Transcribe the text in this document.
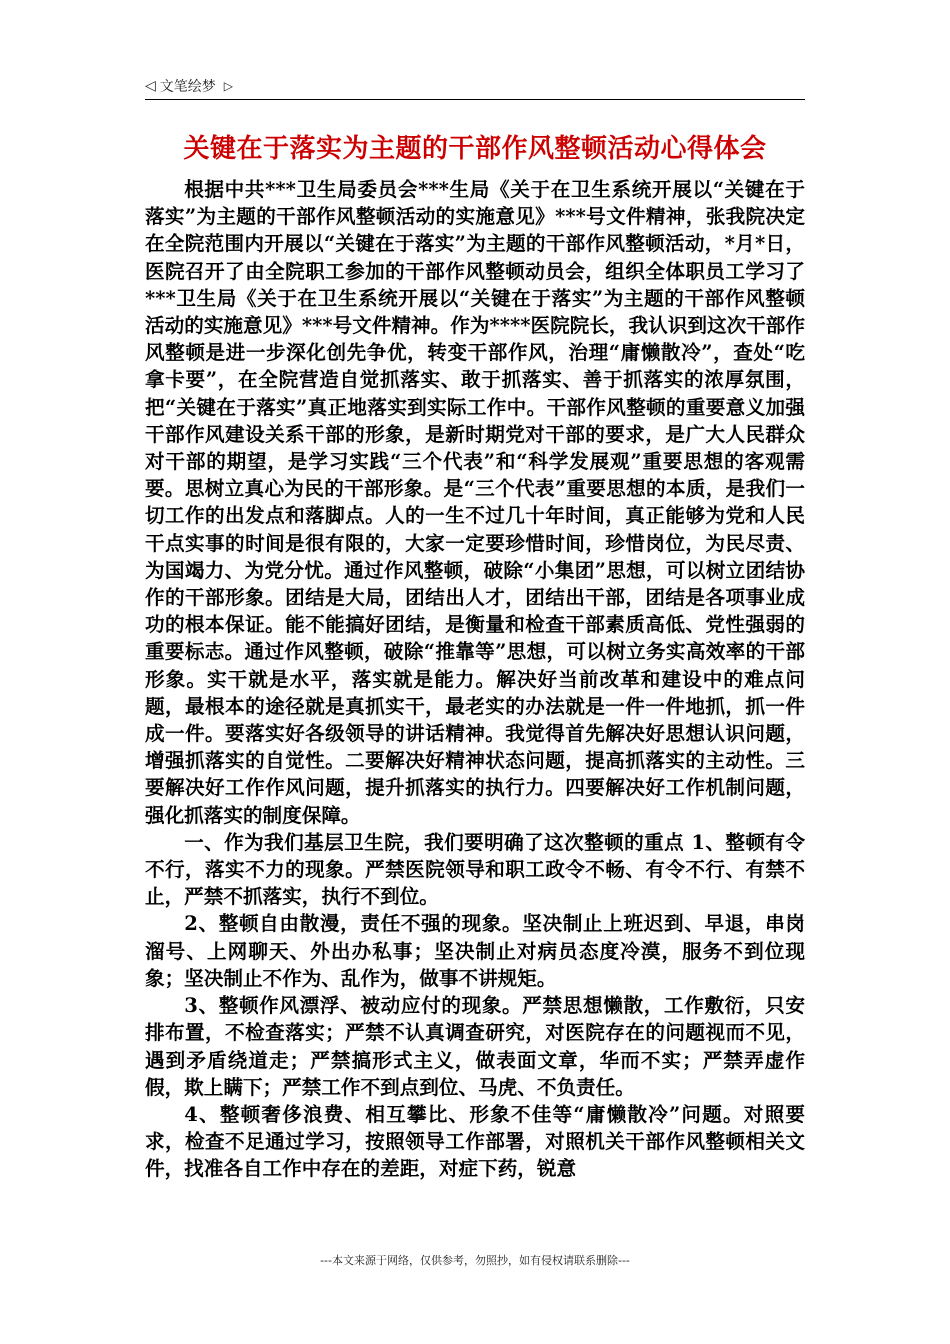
◁ 文笔绘梦 ▷
关键在于落实为主题的干部作风整顿活动心得体会

根据中共***卫生局委员会***生局《关于在卫生系统开展以“关键在于落实”为主题的干部作风整顿活动的实施意见》***号文件精神，张我院决定在全院范围内开展以“关键在于落实”为主题的干部作风整顿活动，*月*日，医院召开了由全院职工参加的干部作风整顿动员会，组织全体职员工学习了***卫生局《关于在卫生系统开展以“关键在于落实”为主题的干部作风整顿活动的实施意见》***号文件精神。作为****医院院长，我认识到这次干部作风整顿是进一步深化创先争优，转变干部作风，治理“庸懒散冷”，查处“吃拿卡要”，在全院营造自觉抓落实、敢于抓落实、善于抓落实的浓厚氛围，把“关键在于落实”真正地落实到实际工作中。干部作风整顿的重要意义加强干部作风建设关系干部的形象，是新时期党对干部的要求，是广大人民群众对干部的期望，是学习实践“三个代表”和“科学发展观”重要思想的客观需要。思树立真心为民的干部形象。是“三个代表”重要思想的本质，是我们一切工作的出发点和落脚点。人的一生不过几十年时间，真正能够为党和人民干点实事的时间是很有限的，大家一定要珍惜时间，珍惜岗位，为民尽责、为国竭力、为党分忧。通过作风整顿，破除“小集团”思想，可以树立团结协作的干部形象。团结是大局，团结出人才，团结出干部，团结是各项事业成功的根本保证。能不能搞好团结，是衡量和检查干部素质高低、党性强弱的重要标志。通过作风整顿，破除“推靠等”思想，可以树立务实高效率的干部形象。实干就是水平，落实就是能力。解决好当前改革和建设中的难点问题，最根本的途径就是真抓实干，最老实的办法就是一件一件地抓，抓一件成一件。要落实好各级领导的讲话精神。我觉得首先解决好思想认识问题，增强抓落实的自觉性。二要解决好精神状态问题，提高抓落实的主动性。三要解决好工作作风问题，提升抓落实的执行力。四要解决好工作机制问题，强化抓落实的制度保障。

一、作为我们基层卫生院，我们要明确了这次整顿的重点 1、整顿有令不行，落实不力的现象。严禁医院领导和职工政令不畅、有令不行、有禁不止，严禁不抓落实，执行不到位。

2、整顿自由散漫，责任不强的现象。坚决制止上班迟到、早退，串岗溜号、上网聊天、外出办私事；坚决制止对病员态度冷漠，服务不到位现象；坚决制止不作为、乱作为，做事不讲规矩。

3、整顿作风漂浮、被动应付的现象。严禁思想懒散，工作敷衍，只安排布置，不检查落实；严禁不认真调查研究，对医院存在的问题视而不见，遇到矛盾绕道走；严禁搞形式主义，做表面文章，华而不实；严禁弄虚作假，欺上瞒下；严禁工作不到点到位、马虎、不负责任。

4、整顿奢侈浪费、相互攀比、形象不佳等“庸懒散冷”问题。对照要求，检查不足通过学习，按照领导工作部署，对照机关干部作风整顿相关文件，找准各自工作中存在的差距，对症下药，锐意

---本文来源于网络，仅供参考，勿照抄，如有侵权请联系删除---
